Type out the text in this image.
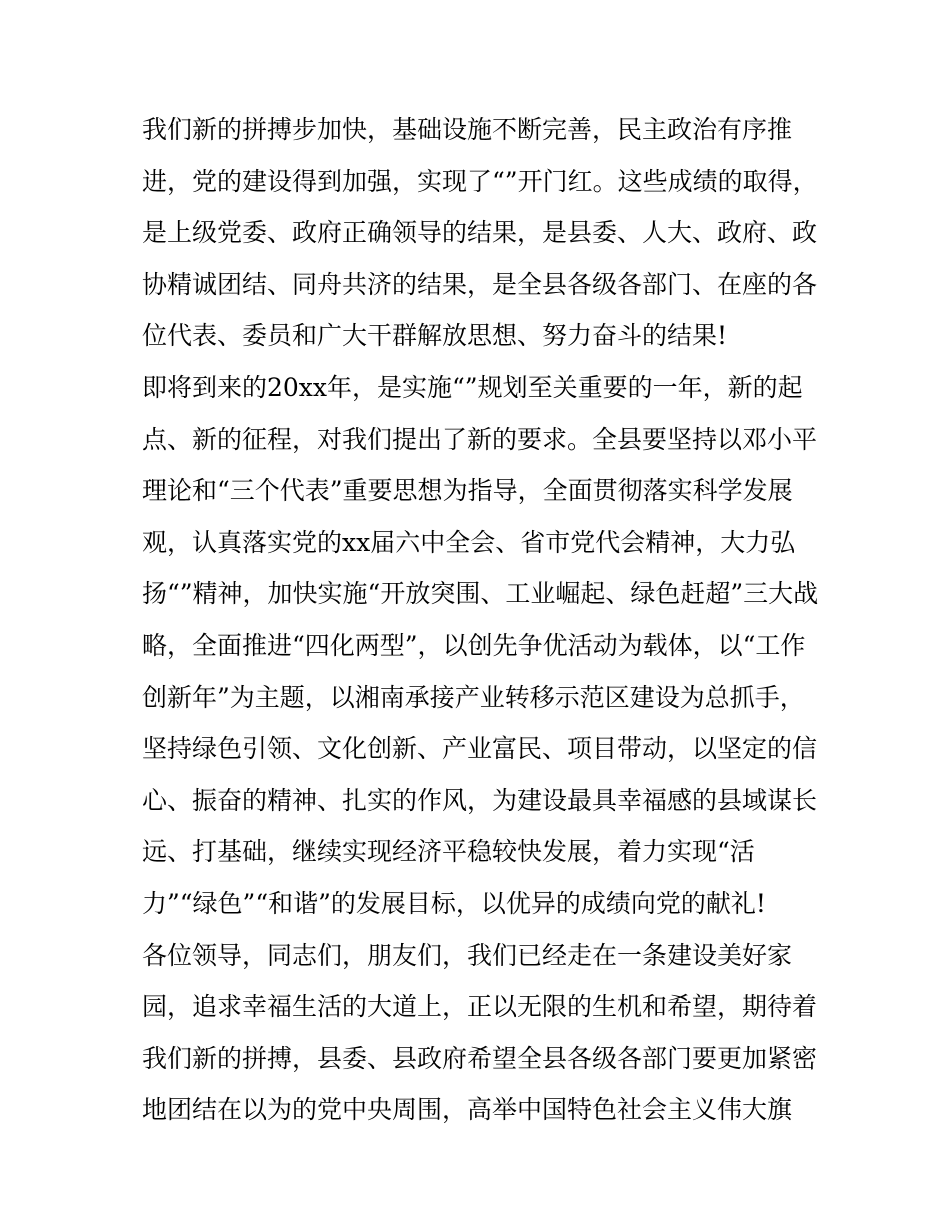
我们新的拼搏步加快，基础设施不断完善，民主政治有序推
进，党的建设得到加强，实现了“”开门红。这些成绩的取得，
是上级党委、政府正确领导的结果，是县委、人大、政府、政
协精诚团结、同舟共济的结果，是全县各级各部门、在座的各
位代表、委员和广大干群解放思想、努力奋斗的结果!
即将到来的20xx年，是实施“”规划至关重要的一年，新的起
点、新的征程，对我们提出了新的要求。全县要坚持以邓小平
理论和“三个代表”重要思想为指导，全面贯彻落实科学发展
观，认真落实党的xx届六中全会、省市党代会精神，大力弘
扬“”精神，加快实施“开放突围、工业崛起、绿色赶超”三大战
略，全面推进“四化两型”，以创先争优活动为载体，以“工作
创新年”为主题，以湘南承接产业转移示范区建设为总抓手，
坚持绿色引领、文化创新、产业富民、项目带动，以坚定的信
心、振奋的精神、扎实的作风，为建设最具幸福感的县域谋长
远、打基础，继续实现经济平稳较快发展，着力实现“活
力”“绿色”“和谐”的发展目标，以优异的成绩向党的献礼!
各位领导，同志们，朋友们，我们已经走在一条建设美好家
园，追求幸福生活的大道上，正以无限的生机和希望，期待着
我们新的拼搏，县委、县政府希望全县各级各部门要更加紧密
地团结在以为的党中央周围，高举中国特色社会主义伟大旗
